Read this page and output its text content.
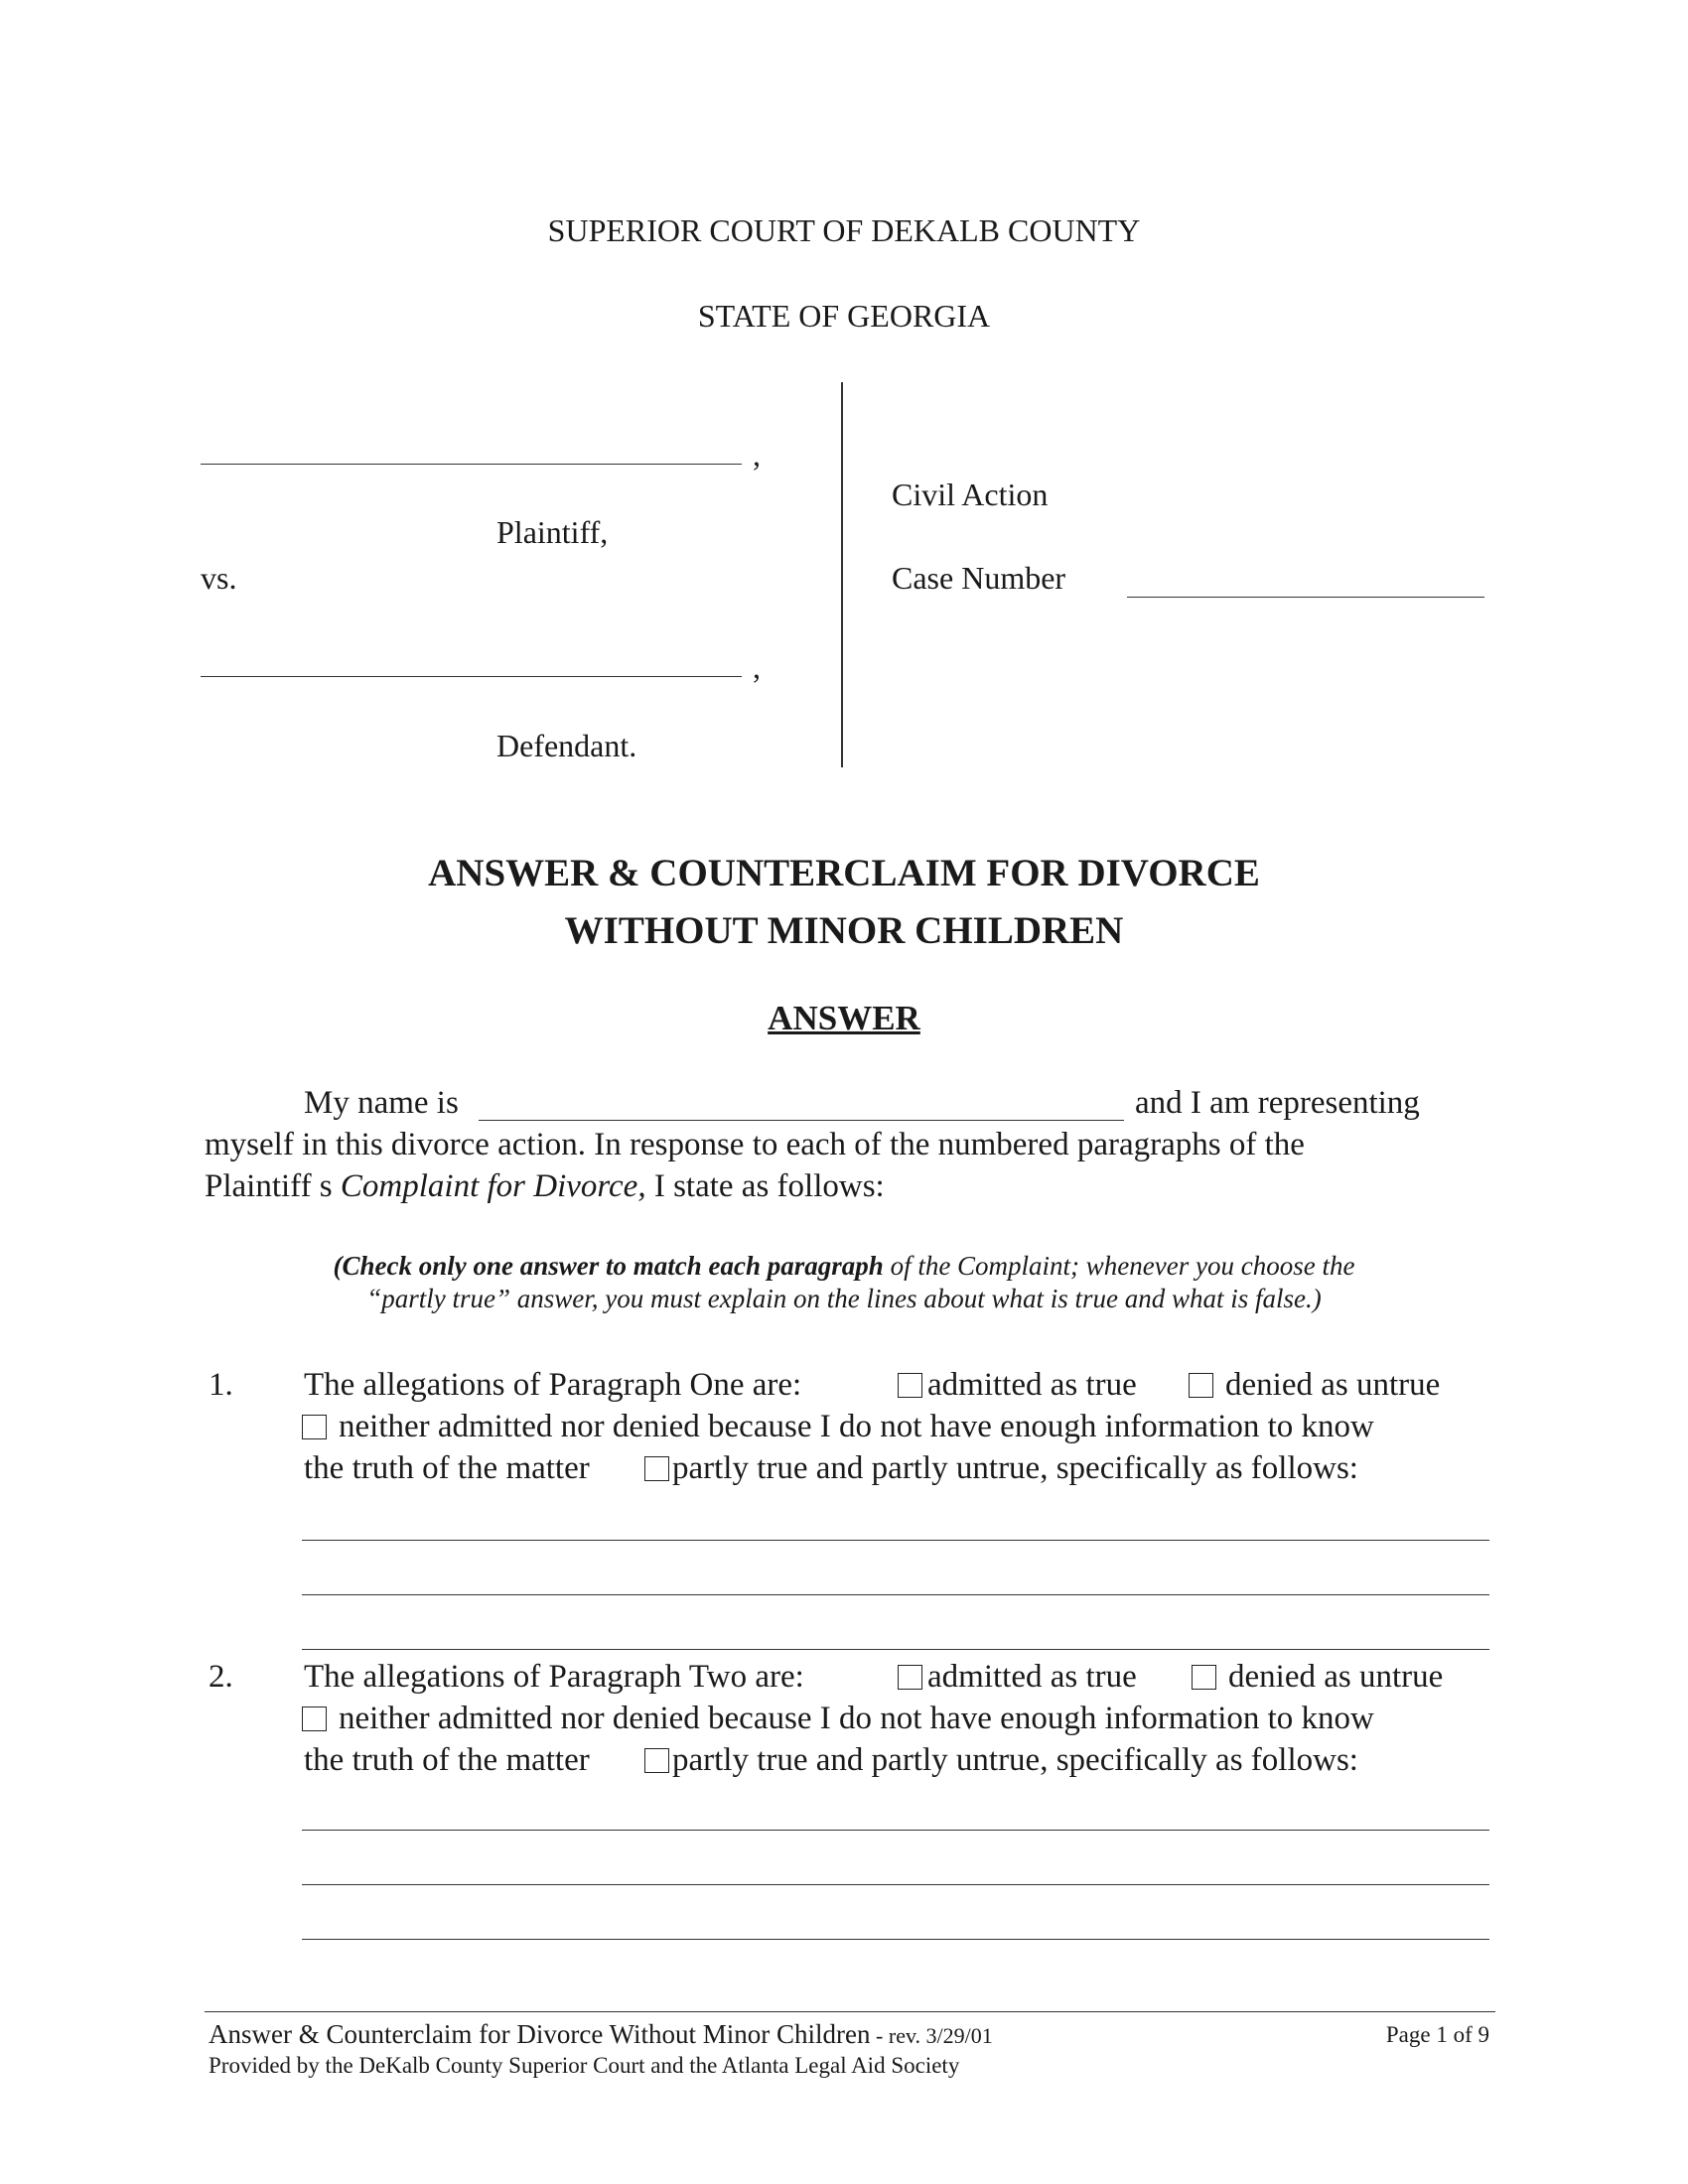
SUPERIOR COURT OF DEKALB COUNTY
STATE OF GEORGIA
,
Plaintiff,
vs.
,
Defendant.
Civil Action
Case Number
ANSWER & COUNTERCLAIM FOR DIVORCE
WITHOUT MINOR CHILDREN
ANSWER
My name is	and I am representing
myself in this divorce action. In response to each of the numbered paragraphs of the
Plaintiff s Complaint for Divorce, I state as follows:
(Check only one answer to match each paragraph of the Complaint; whenever you choose the
“partly true” answer, you must explain on the lines about what is true and what is false.)
1. The allegations of Paragraph One are:	admitted as true	denied as untrue
neither admitted nor denied because I do not have enough information to know
the truth of the matter	partly true and partly untrue, specifically as follows:
2. The allegations of Paragraph Two are:	admitted as true	denied as untrue
neither admitted nor denied because I do not have enough information to know
the truth of the matter	partly true and partly untrue, specifically as follows:
Answer & Counterclaim for Divorce Without Minor Children - rev. 3/29/01	Page 1 of 9
Provided by the DeKalb County Superior Court and the Atlanta Legal Aid Society
